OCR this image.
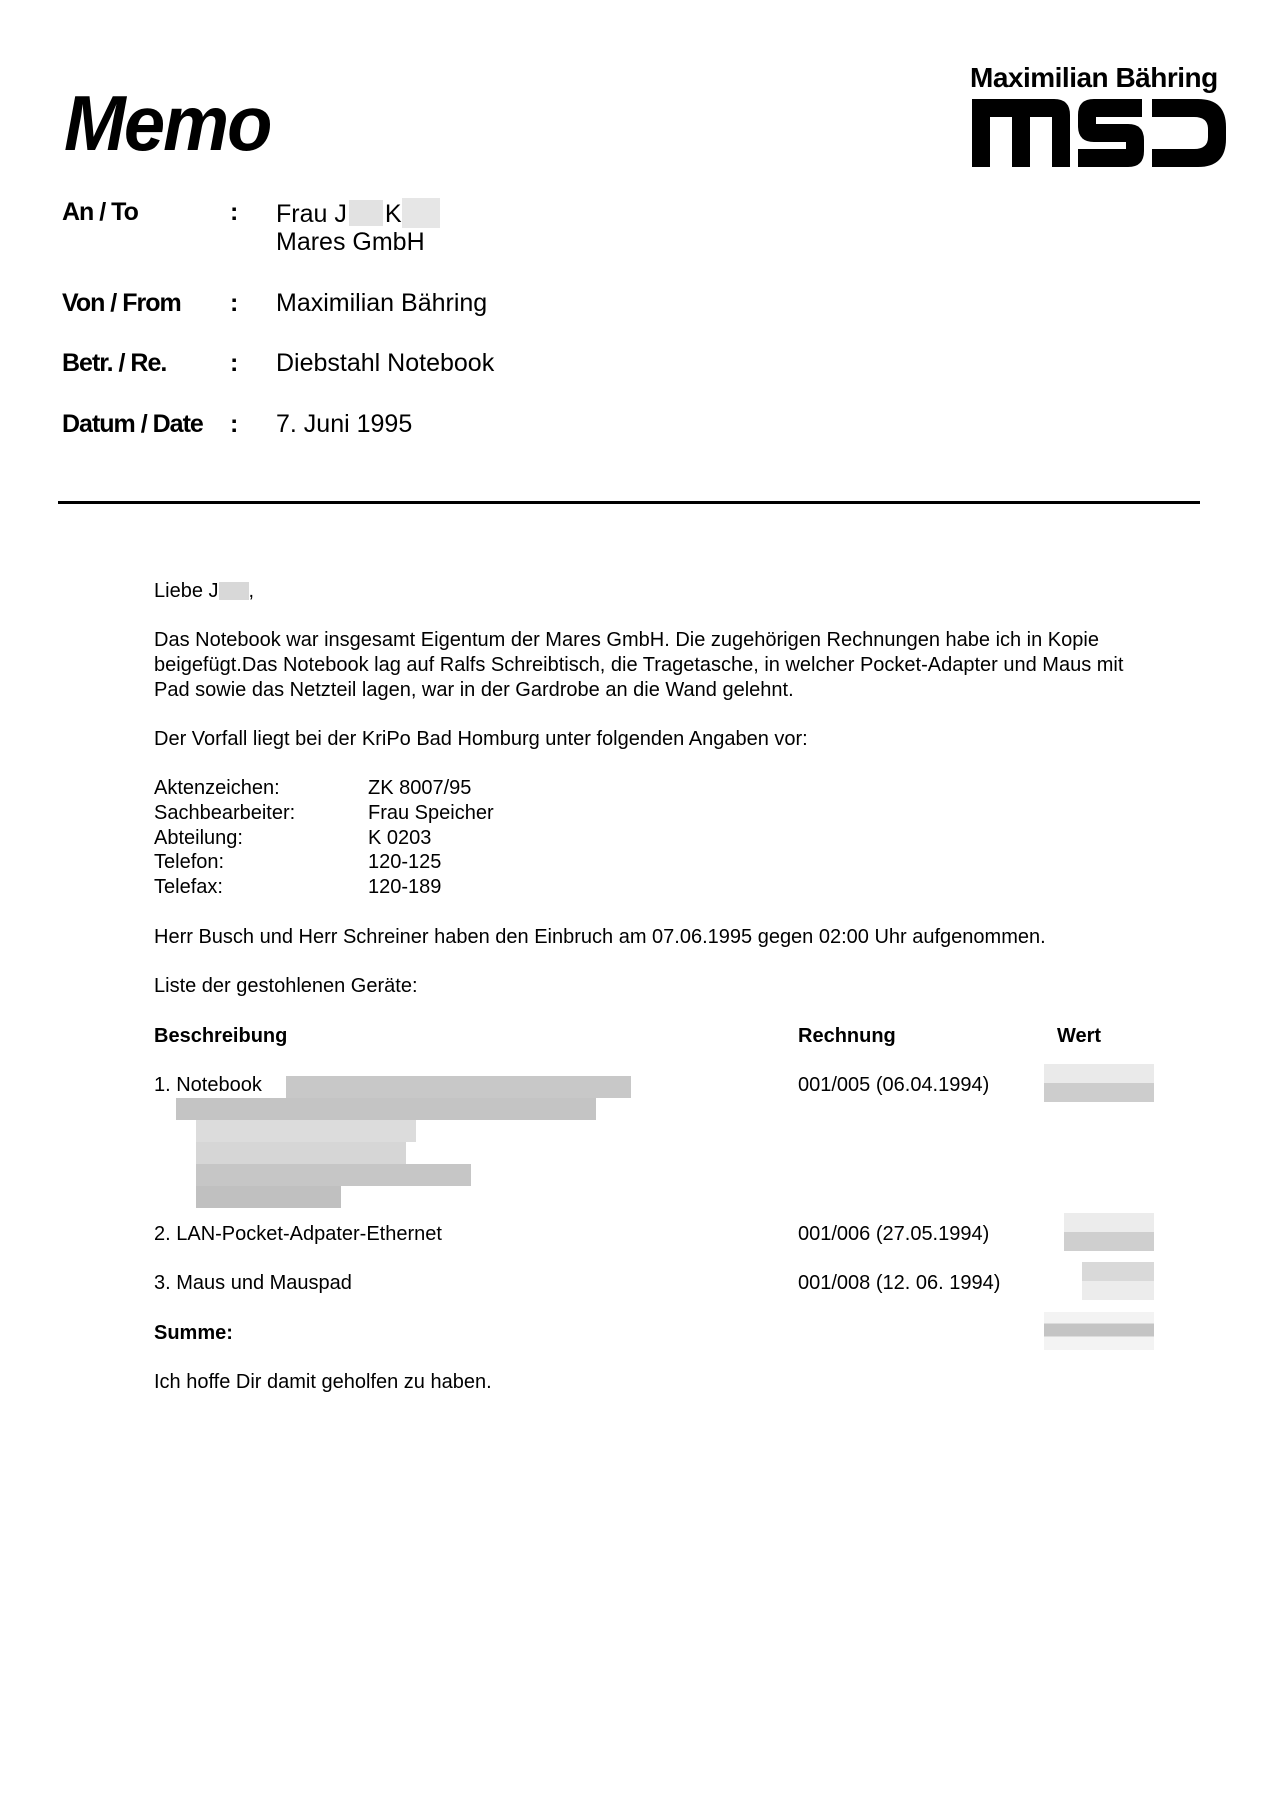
Memo
Maximilian Bähring
An / To	: Frau J K
Mares GmbH
Von / From : Maximilian Bähring
Betr. / Re.	: Diebstahl Notebook
Datum / Date : 7. Juni 1995
Liebe J ,
Das Notebook war insgesamt Eigentum der Mares GmbH. Die zugehörigen Rechnungen habe ich in Kopie
beigefügt.Das Notebook lag auf Ralfs Schreibtisch, die Tragetasche, in welcher Pocket-Adapter und Maus mit
Pad sowie das Netzteil lagen, war in der Gardrobe an die Wand gelehnt.
Der Vorfall liegt bei der KriPo Bad Homburg unter folgenden Angaben vor:
Aktenzeichen:	ZK 8007/95
Sachbearbeiter:	Frau Speicher
Abteilung:	K 0203
Telefon:	120-125
Telefax:	120-189
Herr Busch und Herr Schreiner haben den Einbruch am 07.06.1995 gegen 02:00 Uhr aufgenommen.
Liste der gestohlenen Geräte:
Beschreibung	Rechnung	Wert
1. Notebook	001/005 (06.04.1994)
2. LAN-Pocket-Adpater-Ethernet	001/006 (27.05.1994)
3. Maus und Mauspad	001/008 (12. 06. 1994)
Summe:
Ich hoffe Dir damit geholfen zu haben.
